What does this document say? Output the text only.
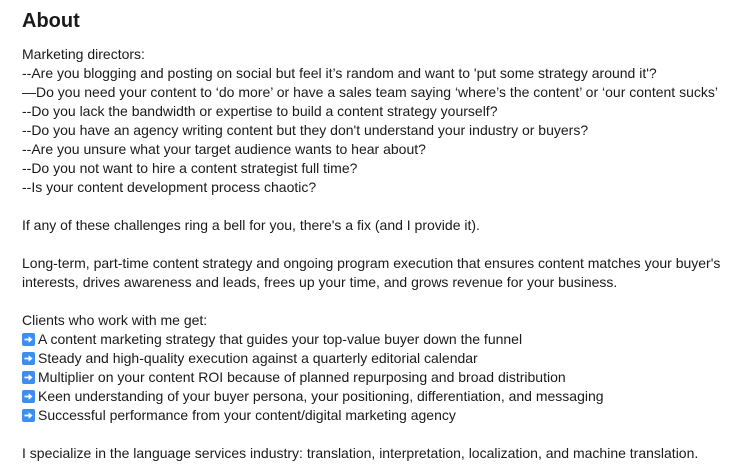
About
Marketing directors:
--Are you blogging and posting on social but feel it’s random and want to 'put some strategy around it'?
—Do you need your content to ‘do more’ or have a sales team saying ‘where’s the content’ or ‘our content sucks’
--Do you lack the bandwidth or expertise to build a content strategy yourself?
--Do you have an agency writing content but they don't understand your industry or buyers?
--Are you unsure what your target audience wants to hear about?
--Do you not want to hire a content strategist full time?
--Is your content development process chaotic?
If any of these challenges ring a bell for you, there's a fix (and I provide it).
Long-term, part-time content strategy and ongoing program execution that ensures content matches your buyer's interests, drives awareness and leads, frees up your time, and grows revenue for your business.
Clients who work with me get:
A content marketing strategy that guides your top-value buyer down the funnel
Steady and high-quality execution against a quarterly editorial calendar
Multiplier on your content ROI because of planned repurposing and broad distribution
Keen understanding of your buyer persona, your positioning, differentiation, and messaging
Successful performance from your content/digital marketing agency
I specialize in the language services industry: translation, interpretation, localization, and machine translation.
